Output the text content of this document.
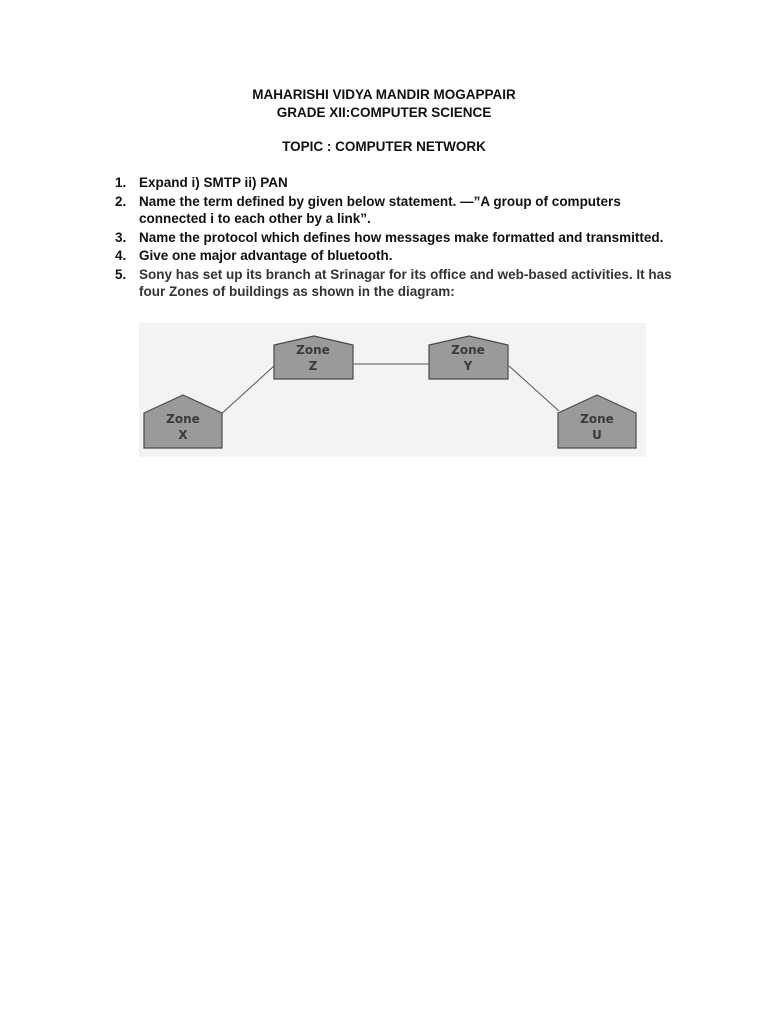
MAHARISHI VIDYA MANDIR MOGAPPAIR
GRADE XII:COMPUTER SCIENCE
TOPIC : COMPUTER NETWORK
1. Expand i) SMTP ii) PAN
2. Name the term defined by given below statement. —”A group of computers connected i to each other by a link”.
3. Name the protocol which defines how messages make formatted and transmitted.
4. Give one major advantage of bluetooth.
5. Sony has set up its branch at Srinagar for its office and web-based activities. It has four Zones of buildings as shown in the diagram:
Zone
Z
Zone
Y
Zone
X
Zone
U
